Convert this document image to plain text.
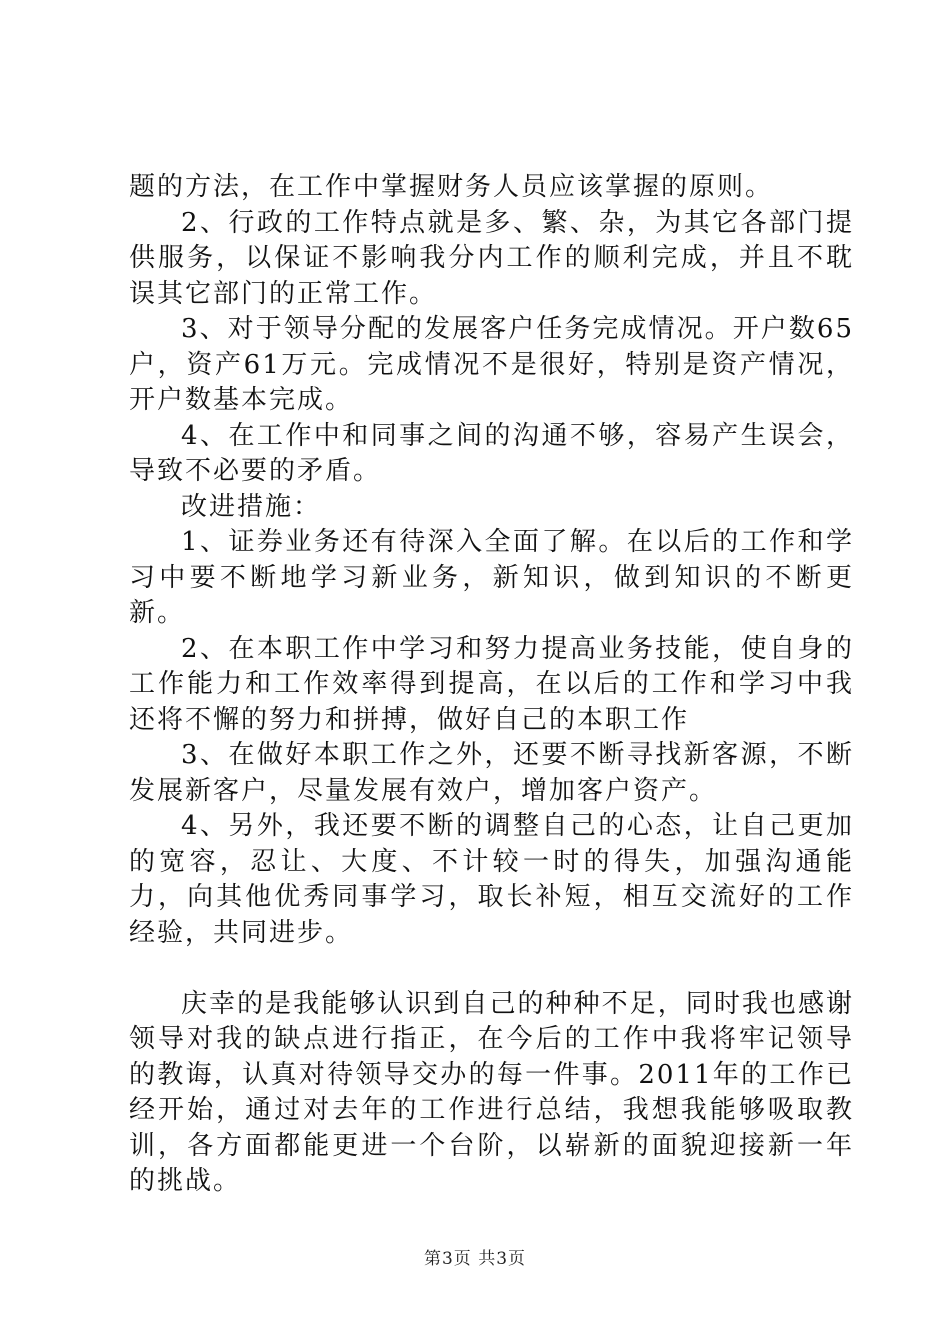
题的方法，在工作中掌握财务人员应该掌握的原则。

2、行政的工作特点就是多、繁、杂，为其它各部门提供服务，以保证不影响我分内工作的顺利完成，并且不耽误其它部门的正常工作。

3、对于领导分配的发展客户任务完成情况。开户数65户，资产61万元。完成情况不是很好，特别是资产情况，开户数基本完成。

4、在工作中和同事之间的沟通不够，容易产生误会，导致不必要的矛盾。

改进措施：

1、证券业务还有待深入全面了解。在以后的工作和学习中要不断地学习新业务，新知识，做到知识的不断更新。

2、在本职工作中学习和努力提高业务技能，使自身的工作能力和工作效率得到提高，在以后的工作和学习中我还将不懈的努力和拼搏，做好自己的本职工作

3、在做好本职工作之外，还要不断寻找新客源，不断发展新客户，尽量发展有效户，增加客户资产。

4、另外，我还要不断的调整自己的心态，让自己更加的宽容，忍让、大度、不计较一时的得失，加强沟通能力，向其他优秀同事学习，取长补短，相互交流好的工作经验，共同进步。

庆幸的是我能够认识到自己的种种不足，同时我也感谢领导对我的缺点进行指正，在今后的工作中我将牢记领导的教诲，认真对待领导交办的每一件事。2011年的工作已经开始，通过对去年的工作进行总结，我想我能够吸取教训，各方面都能更进一个台阶，以崭新的面貌迎接新一年的挑战。

第3页 共3页
